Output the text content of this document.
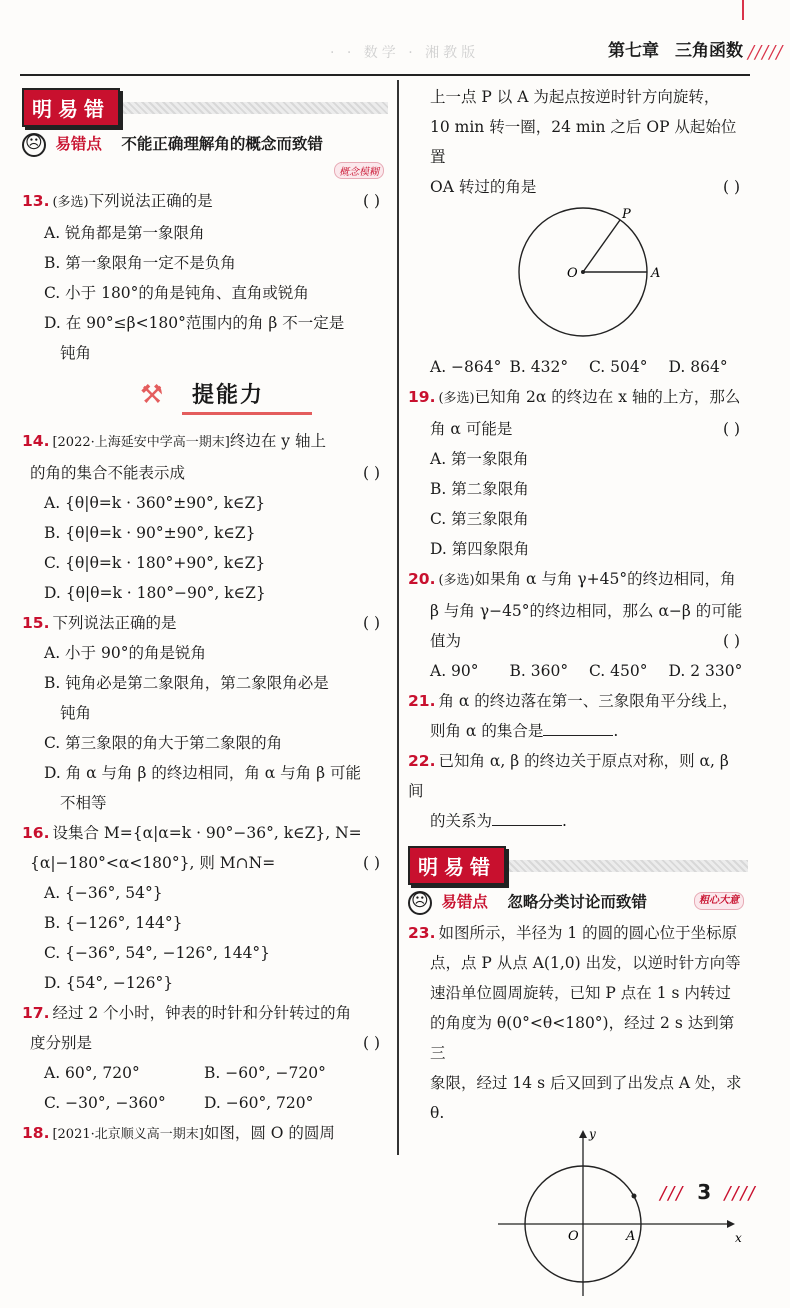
· · 数学 · 湘教版	第七章 三角函数 /////
明易错
☹ 易错点 不能正确理解角的概念而致错
概念模糊
13. (多选)下列说法正确的是	( )
A. 锐角都是第一象限角
B. 第一象限角一定不是负角
C. 小于 180°的角是钝角、直角或锐角
D. 在 90°≤β<180°范围内的角 β 不一定是
钝角
⚒	提能力
14. [2022·上海延安中学高一期末]终边在 y 轴上
的角的集合不能表示成	( )
A. {θ|θ=k · 360°±90°, k∈Z}
B. {θ|θ=k · 90°±90°, k∈Z}
C. {θ|θ=k · 180°+90°, k∈Z}
D. {θ|θ=k · 180°−90°, k∈Z}
15. 下列说法正确的是	( )
A. 小于 90°的角是锐角
B. 钝角必是第二象限角，第二象限角必是
钝角
C. 第三象限的角大于第二象限的角
D. 角 α 与角 β 的终边相同，角 α 与角 β 可能
不相等
16. 设集合 M={α|α=k · 90°−36°, k∈Z}, N=
{α|−180°<α<180°}, 则 M∩N=	( )
A. {−36°, 54°}
B. {−126°, 144°}
C. {−36°, 54°, −126°, 144°}
D. {54°, −126°}
17. 经过 2 个小时，钟表的时针和分针转过的角
度分别是	( )
A. 60°, 720°	B. −60°, −720°
C. −30°, −360° D. −60°, 720°
18. [2021·北京顺义高一期末]如图，圆 O 的圆周
上一点 P 以 A 为起点按逆时针方向旋转，
10 min 转一圈，24 min 之后 OP 从起始位置
OA 转过的角是	( )
O	A
P
A. −864° B. 432°	C. 504°	D. 864°
19. (多选)已知角 2α 的终边在 x 轴的上方，那么
角 α 可能是	( )
A. 第一象限角B. 第二象限角
C. 第三象限角D. 第四象限角
20. (多选)如果角 α 与角 γ+45°的终边相同，角
β 与角 γ−45°的终边相同，那么 α−β 的可能
值为	( )
A. 90°	B. 360°	C. 450°	D. 2 330°
21. 角 α 的终边落在第一、三象限角平分线上，
则角 α 的集合是	.
22. 已知角 α, β 的终边关于原点对称，则 α, β 间
的关系为	.
明易错
☹ 易错点 忽略分类讨论而致错	粗心大意
23. 如图所示，半径为 1 的圆的圆心位于坐标原
点，点 P 从点 A(1,0) 出发，以逆时针方向等
速沿单位圆周旋转，已知 P 点在 1 s 内转过
的角度为 θ(0°<θ<180°)，经过 2 s 达到第三
象限，经过 14 s 后又回到了出发点 A 处，求 θ.
y
x
O	A
/// 3 ////
